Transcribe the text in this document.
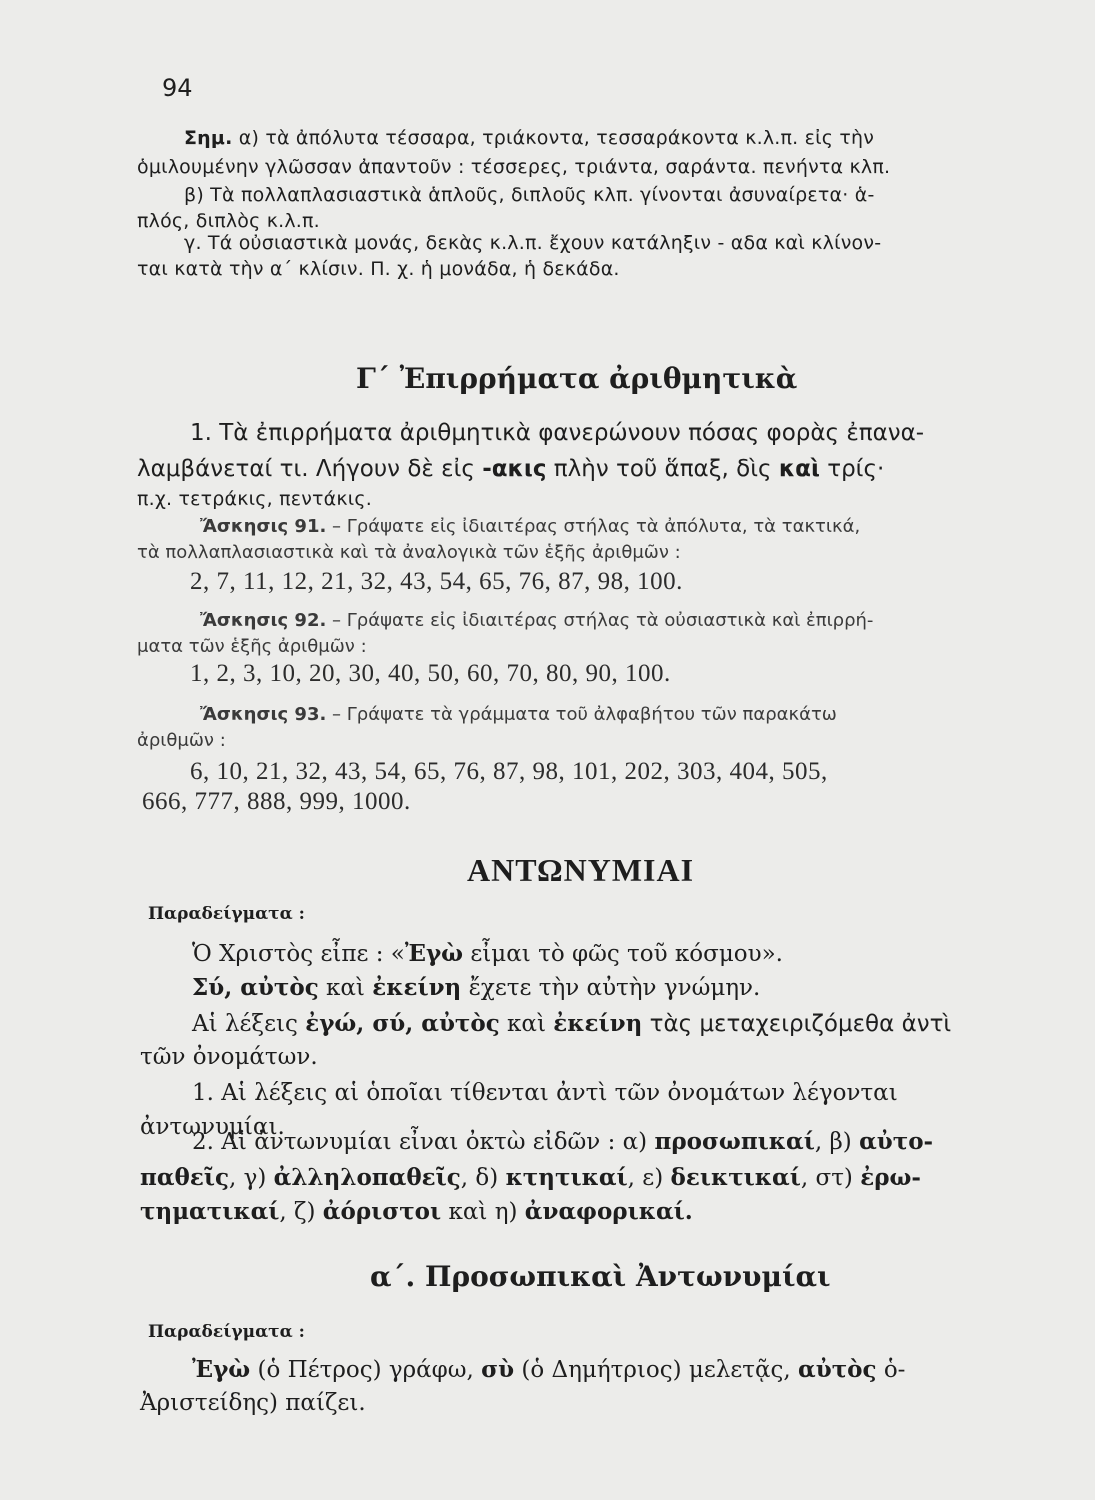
94
Σημ. α) τὰ ἀπόλυτα τέσσαρα, τριάκοντα, τεσσαράκοντα κ.λ.π. εἰς τὴν
ὁμιλουμένην γλῶσσαν ἀπαντοῦν : τέσσερες, τριάντα, σαράντα. πενήντα κλπ.
β) Τὰ πολλαπλασιαστικὰ ἁπλοῦς, διπλοῦς κλπ. γίνονται ἀσυναίρετα· ἁ-
πλός, διπλὸς κ.λ.π.
γ. Τά οὐσιαστικὰ μονάς, δεκὰς κ.λ.π. ἔχουν κατάληξιν - αδα καὶ κλίνον-
ται κατὰ τὴν α΄ κλίσιν. Π. χ. ἡ μονάδα, ἡ δεκάδα.
Γ΄ Ἐπιρρήματα ἀριθμητικὰ
1. Τὰ ἐπιρρήματα ἀριθμητικὰ φανερώνουν πόσας φορὰς ἐπανα-
λαμβάνεταί τι. Λήγουν δὲ εἰς -ακις πλὴν τοῦ ἅπαξ, δὶς καὶ τρίς·
π.χ. τετράκις, πεντάκις.
Ἄσκησις 91. – Γράψατε εἰς ἰδιαιτέρας στήλας τὰ ἀπόλυτα, τὰ τακτικά,
τὰ πολλαπλασιαστικὰ καὶ τὰ ἀναλογικὰ τῶν ἑξῆς ἀριθμῶν :
2, 7, 11, 12, 21, 32, 43, 54, 65, 76, 87, 98, 100.
Ἄσκησις 92. – Γράψατε εἰς ἰδιαιτέρας στήλας τὰ οὐσιαστικὰ καὶ ἐπιρρή-
ματα τῶν ἑξῆς ἀριθμῶν :
1, 2, 3, 10, 20, 30, 40, 50, 60, 70, 80, 90, 100.
Ἄσκησις 93. – Γράψατε τὰ γράμματα τοῦ ἀλφαβήτου τῶν παρακάτω
ἀριθμῶν :
6, 10, 21, 32, 43, 54, 65, 76, 87, 98, 101, 202, 303, 404, 505,
666, 777, 888, 999, 1000.
ΑΝΤΩΝΥΜΙΑΙ
Παραδείγματα :
Ὁ Χριστὸς εἶπε : «Ἐγὼ εἶμαι τὸ φῶς τοῦ κόσμου».
Σύ, αὐτὸς καὶ ἐκείνη ἔχετε τὴν αὐτὴν γνώμην.
Αἱ λέξεις ἐγώ, σύ, αὐτὸς καὶ ἐκείνη τὰς μεταχειριζόμεθα ἀντὶ
τῶν ὀνομάτων.
1. Αἱ λέξεις αἱ ὁποῖαι τίθενται ἀντὶ τῶν ὀνομάτων λέγονται
ἀντωνυμίαι.
2. Αἱ ἀντωνυμίαι εἶναι ὀκτὼ εἰδῶν : α) προσωπικαί, β) αὐτο-
παθεῖς, γ) ἀλληλοπαθεῖς, δ) κτητικαί, ε) δεικτικαί, στ) ἐρω-
τηματικαί, ζ) ἀόριστοι καὶ η) ἀναφορικαί.
α΄. Προσωπικαὶ Ἀντωνυμίαι
Παραδείγματα :
Ἐγὼ (ὁ Πέτρος) γράφω, σὺ (ὁ Δημήτριος) μελετᾷς, αὐτὸς ὁ-
Ἀριστείδης) παίζει.
